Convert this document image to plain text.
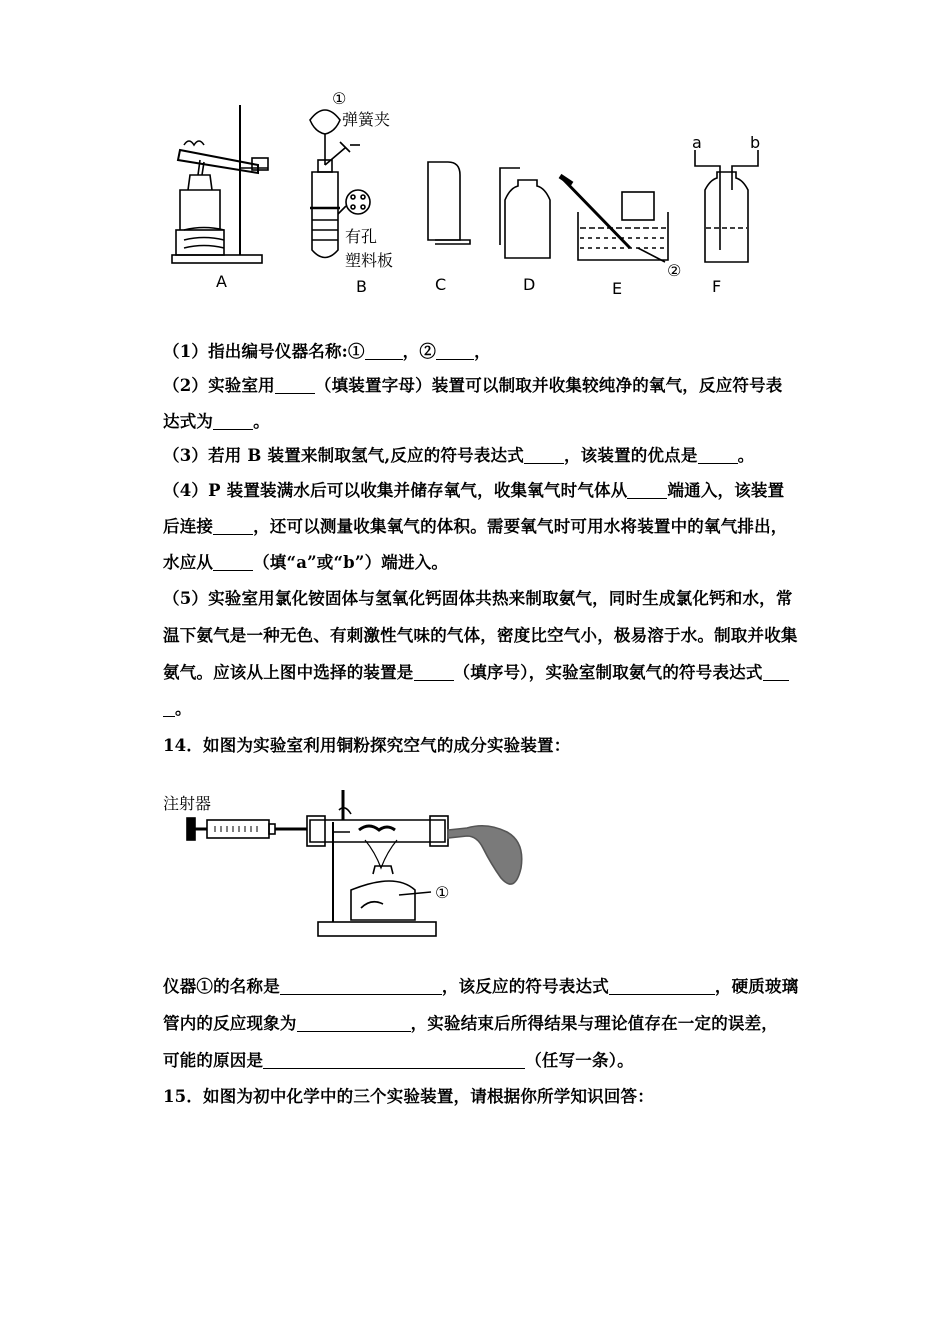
A	B	C	D	E	F
①
弹簧夹
有孔
塑料板
②
a	b
（1）指出编号仪器名称:① ，② ，
（2）实验室用 （填装置字母）装置可以制取并收集较纯净的氧气，反应符号表
达式为 。
（3）若用 B 装置来制取氢气,反应的符号表达式 ，该装置的优点是 。
（4）P 装置装满水后可以收集并储存氧气，收集氧气时气体从 端通入，该装置
后连接 ，还可以测量收集氧气的体积。需要氧气时可用水将装置中的氧气排出，
水应从 （填“a”或“b”）端进入。
（5）实验室用氯化铵固体与氢氧化钙固体共热来制取氨气，同时生成氯化钙和水，常
温下氨气是一种无色、有刺激性气味的气体，密度比空气小，极易溶于水。制取并收集
氨气。应该从上图中选择的装置是 （填序号），实验室制取氨气的符号表达式
。
14．如图为实验室利用铜粉探究空气的成分实验装置：
注射器
①
仪器①的名称是	，该反应的符号表达式	，硬质玻璃
管内的反应现象为	，实验结束后所得结果与理论值存在一定的误差，
可能的原因是	（任写一条）。
15．如图为初中化学中的三个实验装置，请根据你所学知识回答：
